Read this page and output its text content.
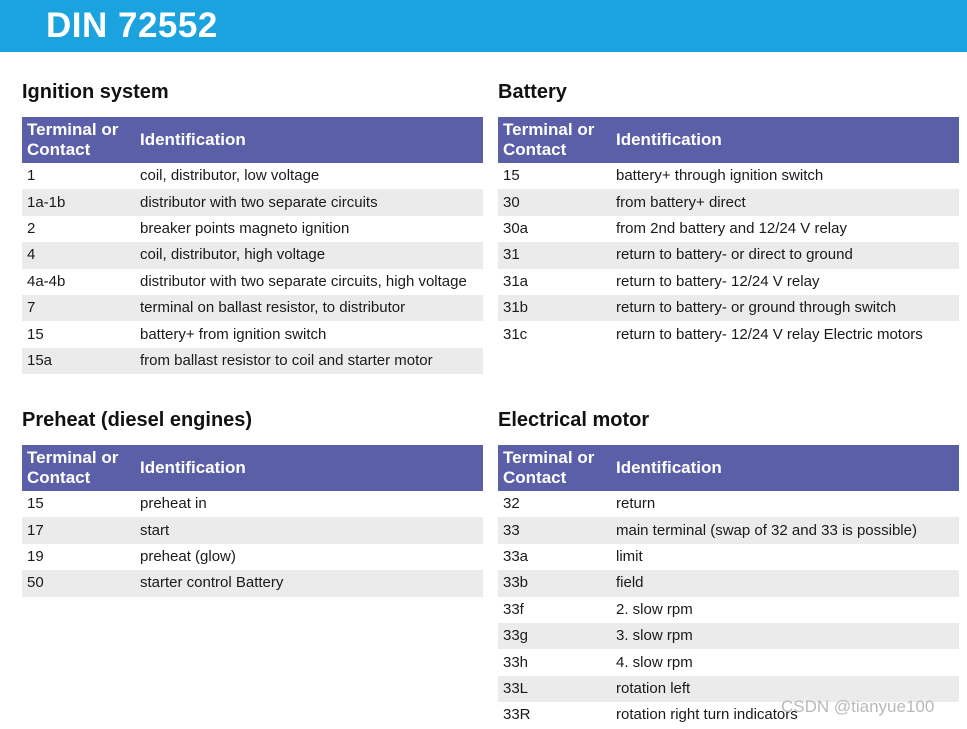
DIN 72552
Ignition system
Terminal or Contact	Identification
1	coil, distributor, low voltage
1a-1b	distributor with two separate circuits
2	breaker points magneto ignition
4	coil, distributor, high voltage
4a-4b	distributor with two separate circuits, high voltage
7	terminal on ballast resistor, to distributor
15	battery+ from ignition switch
15a	from ballast resistor to coil and starter motor
Battery
Terminal or Contact	Identification
15	battery+ through ignition switch
30	from battery+ direct
30a	from 2nd battery and 12/24 V relay
31	return to battery- or direct to ground
31a	return to battery- 12/24 V relay
31b	return to battery- or ground through switch
31c	return to battery- 12/24 V relay Electric motors
Preheat (diesel engines)
Terminal or Contact	Identification
15	preheat in
17	start
19	preheat (glow)
50	starter control Battery
Electrical motor
Terminal or Contact	Identification
32	return
33	main terminal (swap of 32 and 33 is possible)
33a	limit
33b	field
33f	2. slow rpm
33g	3. slow rpm
33h	4. slow rpm
33L	rotation left
33R	rotation right turn indicators
CSDN @tianyue100
